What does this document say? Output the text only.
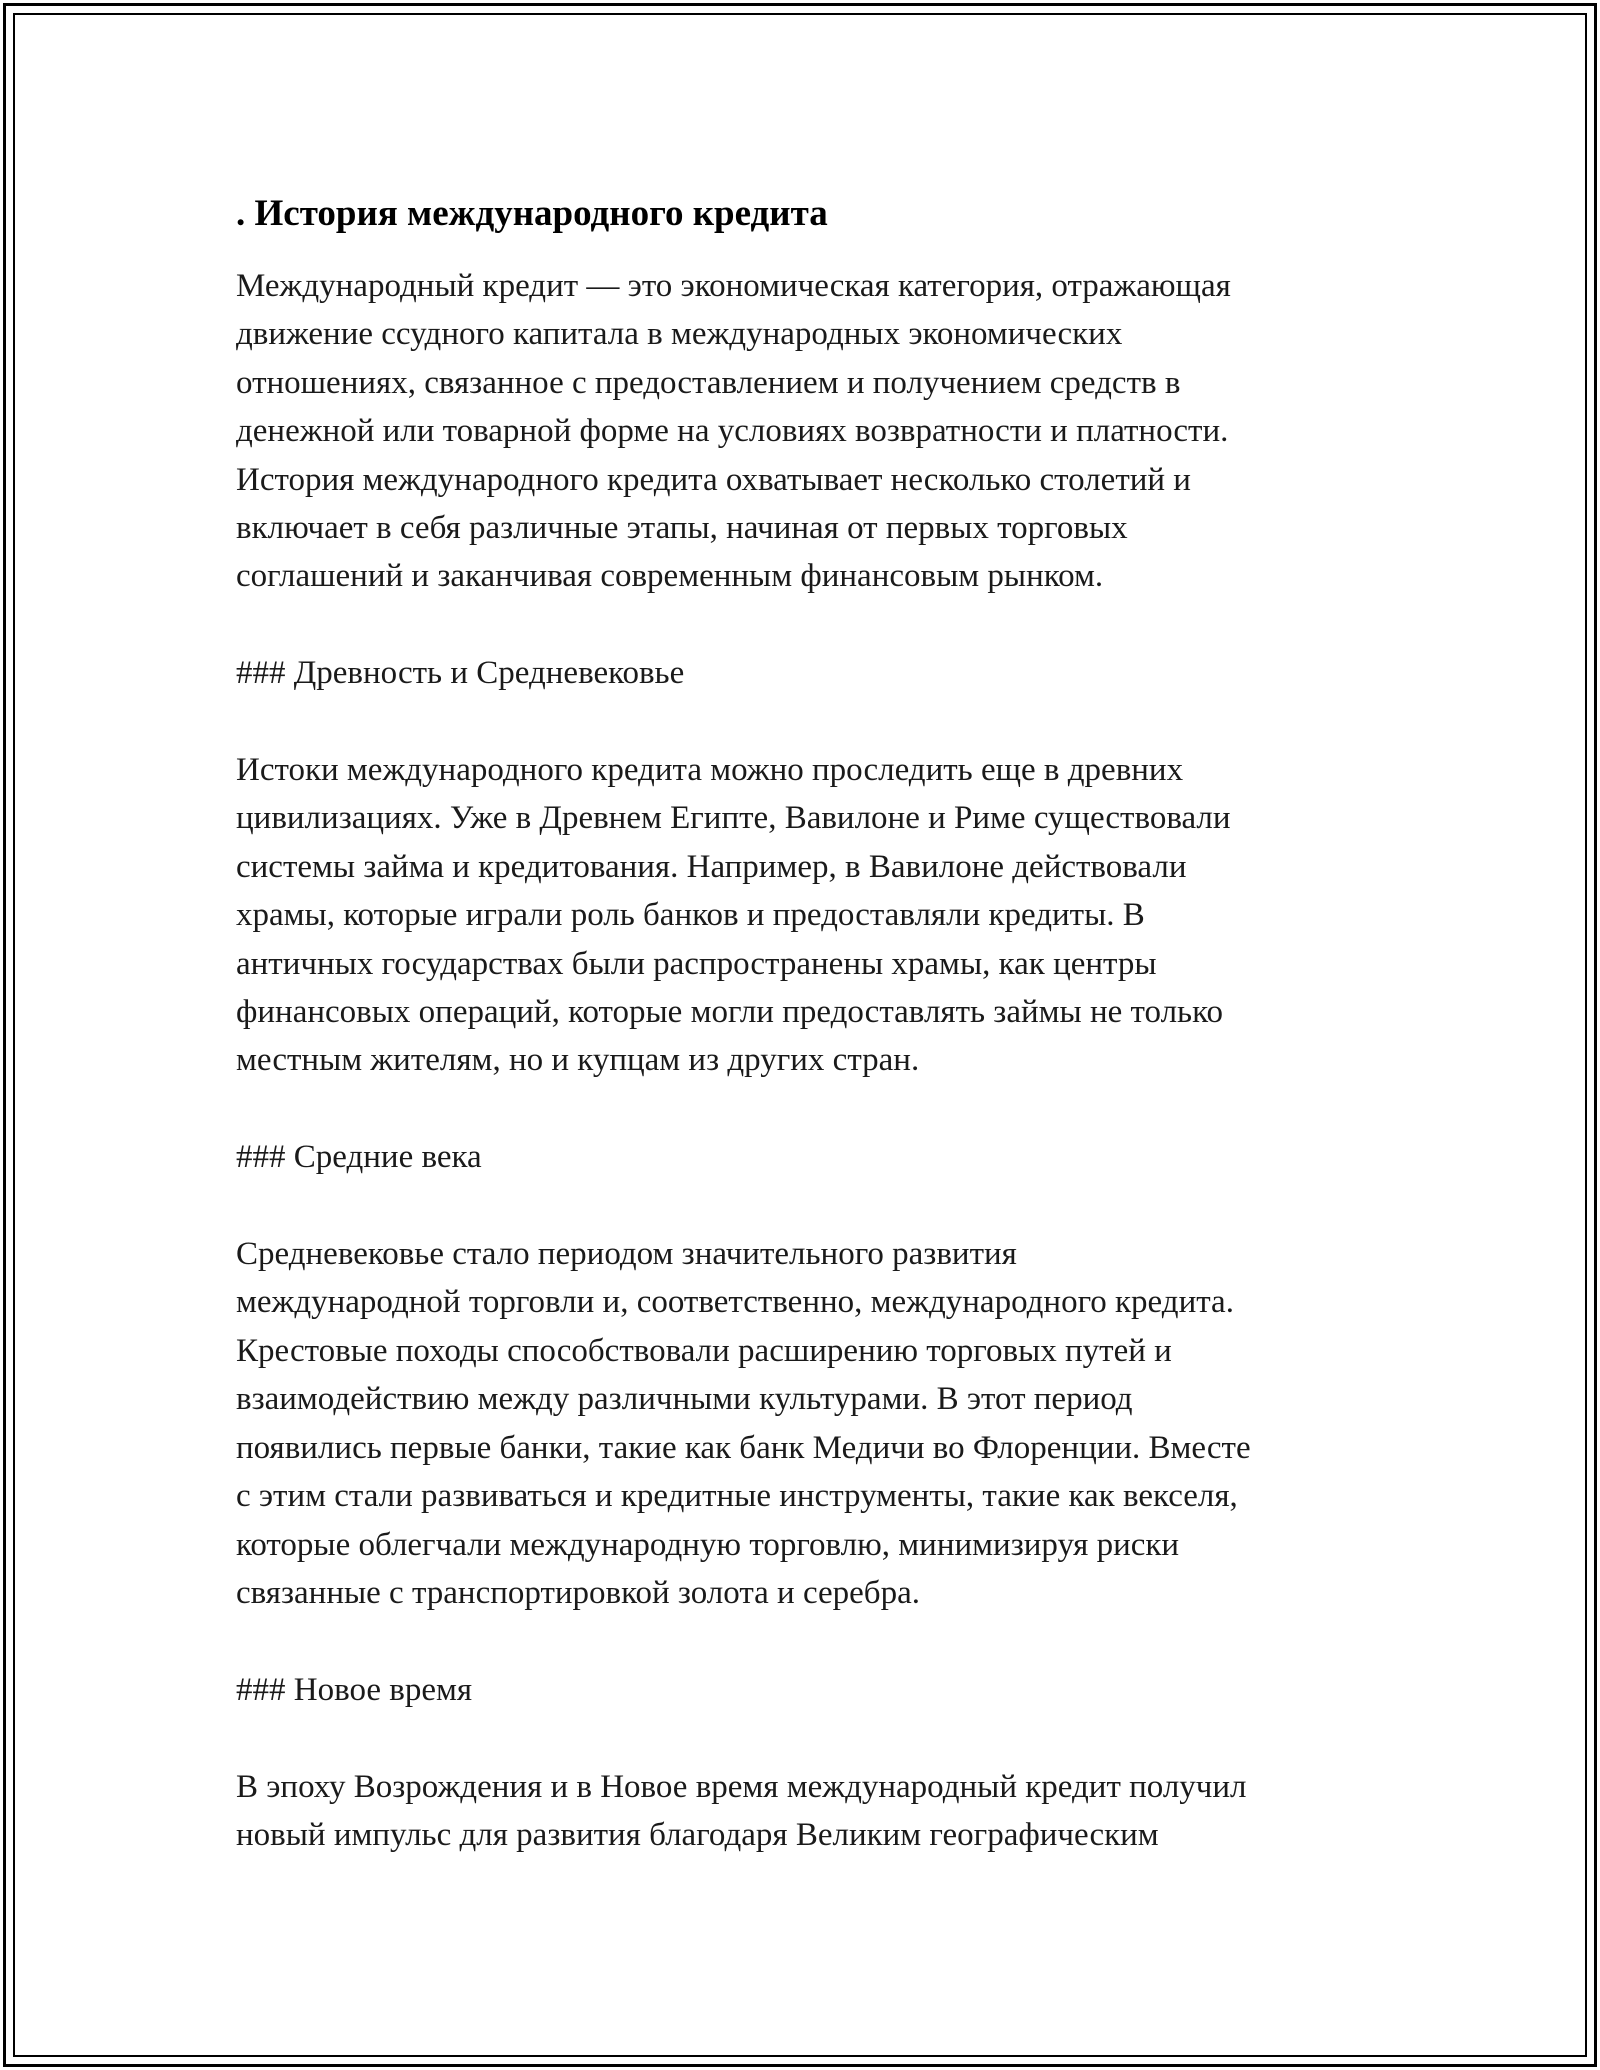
. История международного кредита
Международный кредит — это экономическая категория, отражающая
движение ссудного капитала в международных экономических
отношениях, связанное с предоставлением и получением средств в
денежной или товарной форме на условиях возвратности и платности.
История международного кредита охватывает несколько столетий и
включает в себя различные этапы, начиная от первых торговых
соглашений и заканчивая современным финансовым рынком.
### Древность и Средневековье
Истоки международного кредита можно проследить еще в древних
цивилизациях. Уже в Древнем Египте, Вавилоне и Риме существовали
системы займа и кредитования. Например, в Вавилоне действовали
храмы, которые играли роль банков и предоставляли кредиты. В
античных государствах были распространены храмы, как центры
финансовых операций, которые могли предоставлять займы не только
местным жителям, но и купцам из других стран.
### Средние века
Средневековье стало периодом значительного развития
международной торговли и, соответственно, международного кредита.
Крестовые походы способствовали расширению торговых путей и
взаимодействию между различными культурами. В этот период
появились первые банки, такие как банк Медичи во Флоренции. Вместе
с этим стали развиваться и кредитные инструменты, такие как векселя,
которые облегчали международную торговлю, минимизируя риски
связанные с транспортировкой золота и серебра.
### Новое время
В эпоху Возрождения и в Новое время международный кредит получил
новый импульс для развития благодаря Великим географическим
